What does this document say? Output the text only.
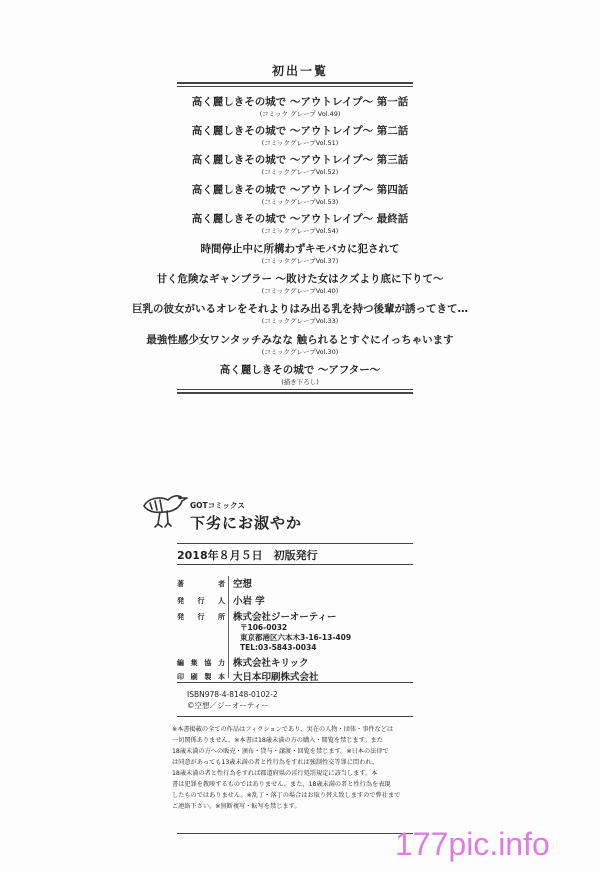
初出一覧
高く麗しきその城で ～アウトレイプ～ 第一話
(コミック グレープ Vol.49)
高く麗しきその城で ～アウトレイプ～ 第二話
(コミックグレープVol.51)
高く麗しきその城で ～アウトレイプ～ 第三話
(コミックグレープVol.52)
高く麗しきその城で ～アウトレイプ～ 第四話
(コミックグレープVol.53)
高く麗しきその城で ～アウトレイプ～ 最終話
(コミックグレープVol.54)
時間停止中に所構わずキモバカに犯されて
(コミックグレープVol.37)
甘く危険なギャンブラー ～敗けた女はクズより底に下りて～
(コミックグレープVol.40)
巨乳の彼女がいるオレをそれよりはみ出る乳を持つ後輩が誘ってきて…
(コミックグレープVol.33)
最強性感少女ワンタッチみなな 触られるとすぐにイっちゃいます
(コミックグレープVol.30)
高く麗しきその城で ～アフター～
(描き下ろし)
GOTコミックス
下劣にお淑やか
2018年８月５日　初版発行
著　者 空想
発行人 小岩 学
発行所 株式会社ジーオーティー
〒106-0032
東京都港区六本木3-16-13-409
TEL:03-5843-0034
編集協力 株式会社キリック
印刷製本 大日本印刷株式会社
ISBN978-4-8148-0102-2
©空想／ジーオーティー
※本書掲載の全ての作品はフィクションであり、実在の人物・団体・事件などは
一切関係ありません。※本書は18歳未満の方の購入・閲覧を禁じます。また
18歳未満の方への販売・頒布・貸与・譲渡・回覧を禁じます。※日本の法律で
は同意があっても13歳未満の者と性行為をすれば強制性交等罪に問われ、
18歳未満の者と性行為をすれば都道府県の淫行処罰規定に該当します。本
書は犯罪を教唆するものではありません。また、18歳未満の者と性行為を表現
したものではありません。※乱丁・落丁の場合はお取り替え致しますので弊社まで
ご連絡下さい。※無断複写・転写を禁じます。
177pic.info
